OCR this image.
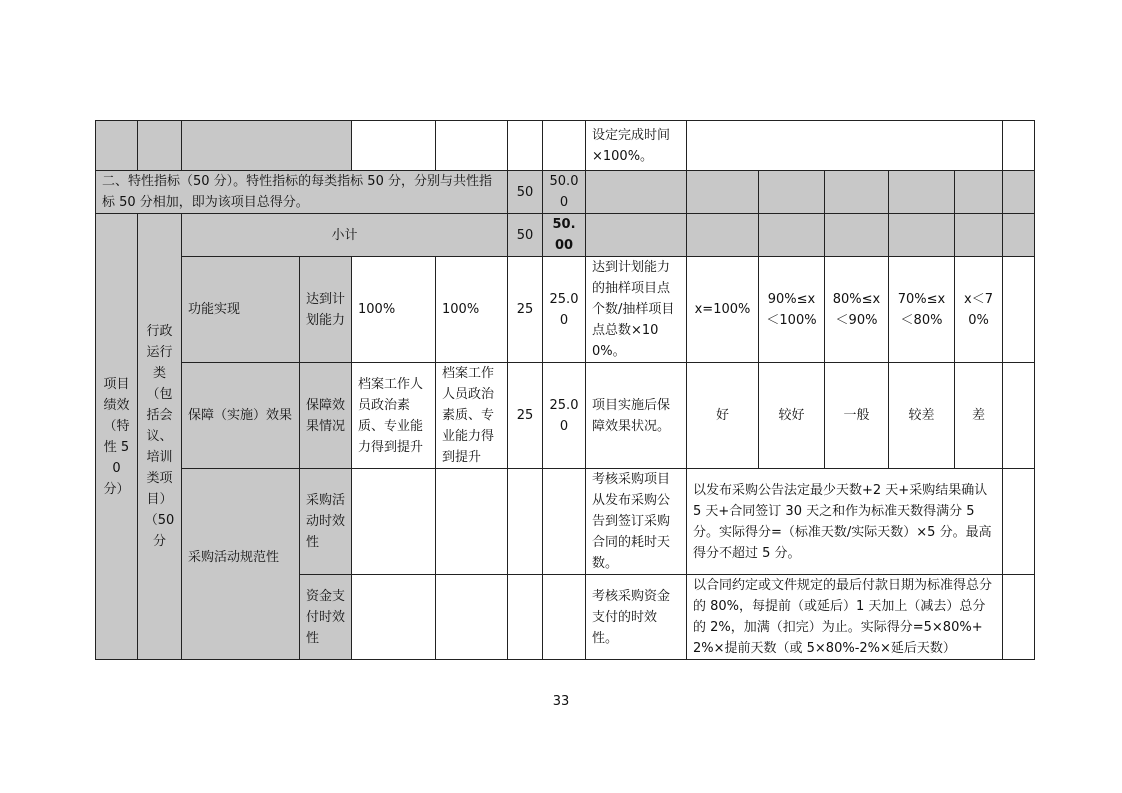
								设定完成时间×100%。						
二、特性指标（50 分）。特性指标的每类指标 50 分，分别与共性指标 50 分相加，即为该项目总得分。						50	50.00							
项目绩效（特性 50 分）	行政运行类（包括会议、培训类项目）（50 分	小计				50	50.00							
		功能实现	达到计划能力	100%	100%	25	25.00	达到计划能力的抽样项目点个数/抽样项目点总数×100%。	x=100%	90%≤x＜100%	80%≤x＜90%	70%≤x＜80%	x＜70%	
		保障（实施）效果	保障效果情况	档案工作人员政治素质、专业能力得到提升	档案工作人员政治素质、专业能力得到提升	25	25.00	项目实施后保障效果状况。	好	较好	一般	较差	差	
		采购活动规范性	采购活动时效性					考核采购项目从发布采购公告到签订采购合同的耗时天数。	以发布采购公告法定最少天数+2 天+采购结果确认 5 天+合同签订 30 天之和作为标准天数得满分 5 分。实际得分=（标准天数/实际天数）×5 分。最高得分不超过 5 分。					
			资金支付时效性					考核采购资金支付的时效性。	以合同约定或文件规定的最后付款日期为标准得总分的 80%，每提前（或延后）1 天加上（减去）总分的 2%，加满（扣完）为止。实际得分=5×80%+2%×提前天数（或 5×80%-2%×延后天数）					
33
